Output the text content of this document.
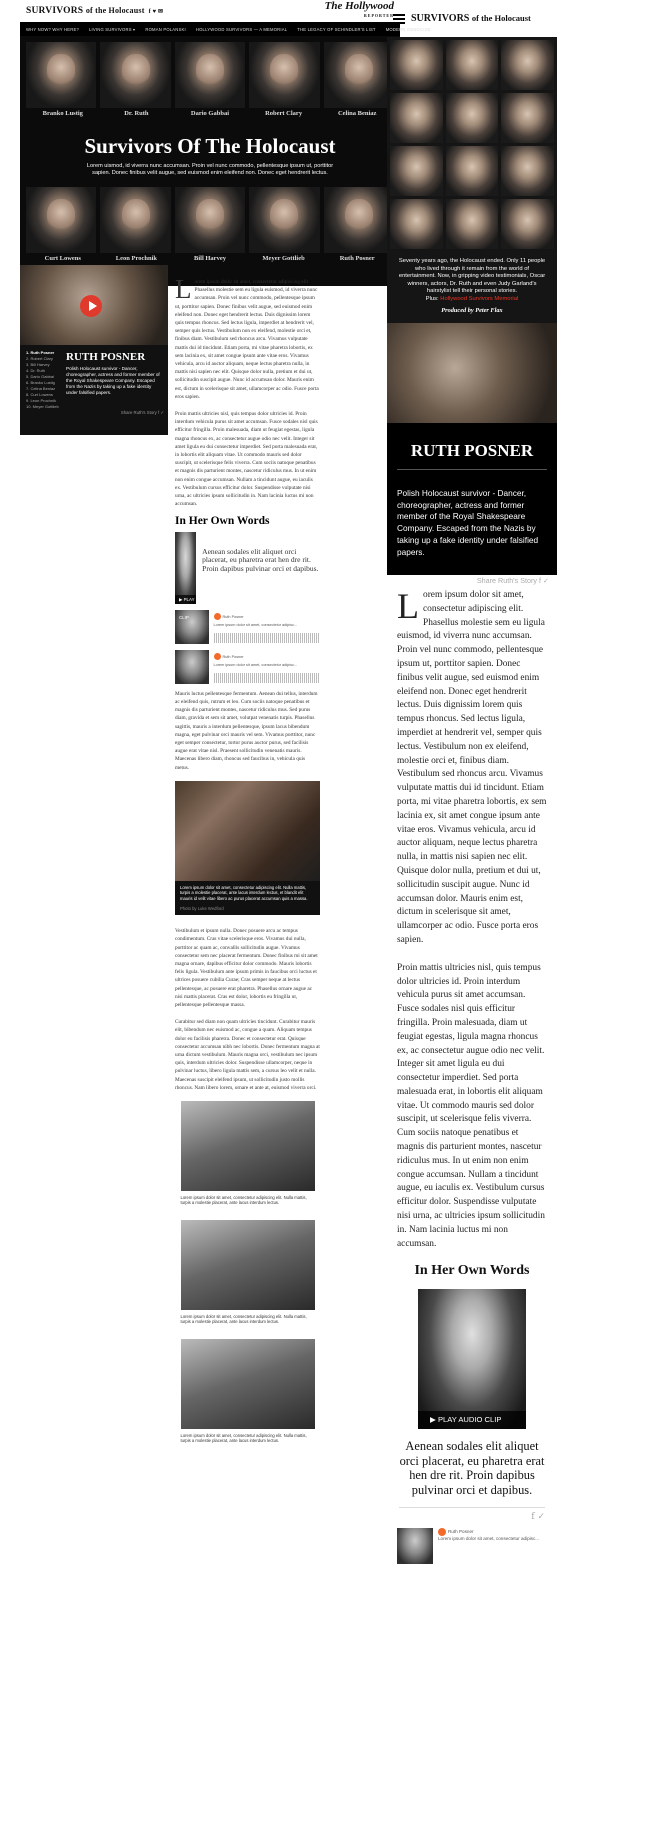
SURVIVORS of the Holocaust f ♥ ✉	The Hollywood
REPORTER
WHY NOW? WHY HERE? LIVING SURVIVORS ▾ ROMAN POLANSKI HOLLYWOOD SURVIVORS — A MEMORIAL THE LEGACY OF SCHINDLER'S LIST MODERN GENOCIDE
Branko Lustig	Dr. Ruth	Dario Gabbai	Robert Clary	Celina Beniaz
Survivors Of The Holocaust
Lorem uismod, id viverra nunc accumsan. Proin vel nunc commodo, pellentesque ipsum ut, porttitor sapien. Donec finibus velit augue, sed euismod enim eleifend non. Donec eget hendrerit lectus.
Curt Lowens	Leon Prochnik	Bill Harvey	Meyer Gottlieb	Ruth Posner
1. Ruth Posner
2. Robert Clary
3. Bill Harvey
4. Dr. Ruth
5. Dario Gabbai
6. Branko Lustig
7. Celina Beniaz
8. Curt Lowens
9. Leon Prochnik
10. Meyer Gottlieb
RUTH POSNER
Polish Holocaust survivor - Dancer, choreographer, actress and former member of the Royal Shakespeare Company. Escaped from the Nazis by taking up a fake identity under falsified papers.
Share Ruth's Story f ✓

Lorem ipsum dolor sit amet, consectetur adipiscing elit. Phasellus molestie sem eu ligula euismod, id viverra nunc accumsan. Proin vel nunc commodo, pellentesque ipsum ut, porttitor sapien. Donec finibus velit augue, sed euismod enim eleifend non. Donec eget hendrerit lectus. Duis dignissim lorem quis tempus rhoncus. Sed lectus ligula, imperdiet at hendrerit vel, semper quis lectus. Vestibulum non ex eleifend, molestie orci et, finibus diam. Vestibulum sed rhoncus arcu. Vivamus vulputate mattis dui id tincidunt. Etiam porta, mi vitae pharetra lobortis, ex sem lacinia ex, sit amet congue ipsum ante vitae eros. Vivamus vehicula, arcu id auctor aliquam, neque lectus pharetra nulla, in mattis nisi sapien nec elit. Quisque dolor nulla, pretium et dui ut, sollicitudin suscipit augue. Nunc id accumsan dolor. Mauris enim est, dictum in scelerisque sit amet, ullamcorper ac odio. Fusce porta eros sapien.

Proin mattis ultricies nisl, quis tempus dolor ultricies id. Proin interdum vehicula purus sit amet accumsan. Fusce sodales nisl quis efficitur fringilla. Proin malesuada, diam ut feugiat egestas, ligula magna rhoncus ex, ac consectetur augue odio nec velit. Integer sit amet ligula eu dui consectetur imperdiet. Sed porta malesuada erat, in lobortis elit aliquam vitae. Ut commodo mauris sed dolor suscipit, ut scelerisque felis viverra. Cum sociis natoque penatibus et magnis dis parturient montes, nascetur ridiculus mus. In ut enim non enim congue accumsan. Nullam a tincidunt augue, eu iaculis ex. Vestibulum cursus efficitur dolor. Suspendisse vulputate nisi urna, ac ultricies ipsum sollicitudin in. Nam lacinia luctus mi non accumsan.

In Her Own Words
▶ PLAY AUDIO CLIP
Aenean sodales elit aliquet orci placerat, eu pharetra erat hen dre rit. Proin dapibus pulvinar orci et dapibus.
Ruth Posner
Lorem ipsum dolor sit amet, consectetur adipisc...
Ruth Posner
Lorem ipsum dolor sit amet, consectetur adipisc...

Mauris luctus pellentesque fermentum. Aenean dui tellus, interdum ac eleifend quis, rutrum et leo. Cum sociis natoque penatibus et magnis dis parturient montes, nascetur ridiculus mus. Sed purus diam, gravida et sem sit amet, volutpat venenatis turpis. Phasellus sagittis, mauris a interdum pellentesque, ipsum lacus bibendum magna, eget pulvinar orci mauris vel sem. Vivamus porttitor, nunc eget semper consectetur, tortor purus auctor purus, sed facilisis augue erat vitae nisl. Praesent sollicitudin venenatis mauris. Maecenas libero diam, rhoncus sed faucibus in, vehicula quis metus.

Lorem ipsum dolor sit amet, consectetur adipiscing elit. Nulla mattis, turpis a molestie placerat, ante lacus interdum lectus, et blandit elit mauris id velit vitae libero ac purus placerat accumsan quis a massa.
Photo by Luke Wedford

Vestibulum et ipsum nulla. Donec posuere arcu ac tempus condimentum. Cras vitae scelerisque eros. Vivamus dui nulla, porttitor ac quam ac, convallis sollicitudin augue. Vivamus consectetur sem nec placerat fermentum. Donec finibus mi sit amet magna ornare, dapibus efficitur dolor commodo. Mauris lobortis felis ligula. Vestibulum ante ipsum primis in faucibus orci luctus et ultrices posuere cubilia Curae; Cras semper neque at lectus pellentesque, ac posuere erat pharetra. Phasellus ornare augue ac nisi mattis placerat. Cras est dolor, lobortis eu fringilla ut, pellentesque pellentesque massa.

Curabitur sed diam non quam ultricies tincidunt. Curabitur mauris elit, bibendum nec euismod ac, congue a quam. Aliquam tempus dolor eu facilisis pharetra. Donec et consectetur erat. Quisque consectetur accumsan nibh nec lobortis. Donec fermentum magna at urna dictum vestibulum. Mauris magna orci, vestibulum nec ipsum quis, interdum ultricies dolor. Suspendisse ullamcorper, neque in pulvinar luctus, libero ligula mattis sem, a cursus leo velit et nulla. Maecenas suscipit eleifend ipsum, ut sollicitudin justo mollis rhoncus. Nam libero lorem, ornare et ante at, euismod viverra orci.

Lorem ipsum dolor sit amet, consectetur adipiscing elit. Nulla mattis, turpis a molestie placerat, ante lacus interdum lectus.
Lorem ipsum dolor sit amet, consectetur adipiscing elit. Nulla mattis, turpis a molestie placerat, ante lacus interdum lectus.
Lorem ipsum dolor sit amet, consectetur adipiscing elit. Nulla mattis, turpis a molestie placerat, ante lacus interdum lectus.
SURVIVORS of the Holocaust
Seventy years ago, the Holocaust ended. Only 11 people who lived through it remain from the world of entertainment. Now, in gripping video testimonials, Oscar winners, actors, Dr. Ruth and even Judy Garland's hairstylist tell their personal stories.
Plus: Hollywood Survivors Memorial
Produced by Peter Flax
RUTH POSNER
Polish Holocaust survivor - Dancer, choreographer, actress and former member of the Royal Shakespeare Company. Escaped from the Nazis by taking up a fake identity under falsified papers.
Share Ruth's Story f ✓

Lorem ipsum dolor sit amet, consectetur adipiscing elit. Phasellus molestie sem eu ligula euismod, id viverra nunc accumsan. Proin vel nunc commodo, pellentesque ipsum ut, porttitor sapien. Donec finibus velit augue, sed euismod enim eleifend non. Donec eget hendrerit lectus. Duis dignissim lorem quis tempus rhoncus. Sed lectus ligula, imperdiet at hendrerit vel, semper quis lectus. Vestibulum non ex eleifend, molestie orci et, finibus diam. Vestibulum sed rhoncus arcu. Vivamus vulputate mattis dui id tincidunt. Etiam porta, mi vitae pharetra lobortis, ex sem lacinia ex, sit amet congue ipsum ante vitae eros. Vivamus vehicula, arcu id auctor aliquam, neque lectus pharetra nulla, in mattis nisi sapien nec elit. Quisque dolor nulla, pretium et dui ut, sollicitudin suscipit augue. Nunc id accumsan dolor. Mauris enim est, dictum in scelerisque sit amet, ullamcorper ac odio. Fusce porta eros sapien.

Proin mattis ultricies nisl, quis tempus dolor ultricies id. Proin interdum vehicula purus sit amet accumsan. Fusce sodales nisl quis efficitur fringilla. Proin malesuada, diam ut feugiat egestas, ligula magna rhoncus ex, ac consectetur augue odio nec velit. Integer sit amet ligula eu dui consectetur imperdiet. Sed porta malesuada erat, in lobortis elit aliquam vitae. Ut commodo mauris sed dolor suscipit, ut scelerisque felis viverra. Cum sociis natoque penatibus et magnis dis parturient montes, nascetur ridiculus mus. In ut enim non enim congue accumsan. Nullam a tincidunt augue, eu iaculis ex. Vestibulum cursus efficitur dolor. Suspendisse vulputate nisi urna, ac ultricies ipsum sollicitudin in. Nam lacinia luctus mi non accumsan.

In Her Own Words
▶ PLAY AUDIO CLIP
Aenean sodales elit aliquet orci placerat, eu pharetra erat hen dre rit. Proin dapibus pulvinar orci et dapibus.
f ✓
Ruth Posner
Lorem ipsum dolor sit amet, consectetur adipisc...
